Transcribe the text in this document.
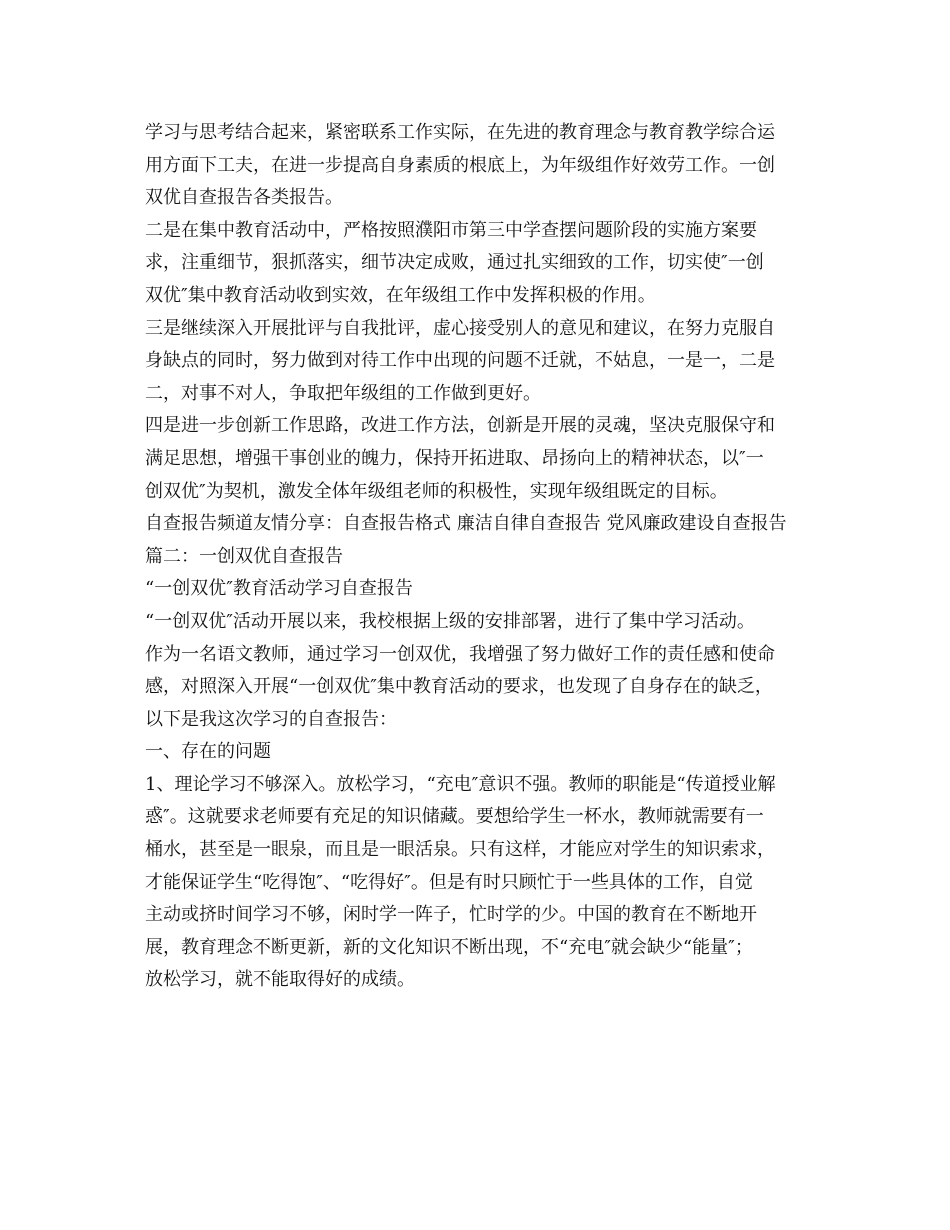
学习与思考结合起来，紧密联系工作实际，在先进的教育理念与教育教学综合运
用方面下工夫，在进一步提高自身素质的根底上，为年级组作好效劳工作。一创
双优自查报告各类报告。
二是在集中教育活动中，严格按照濮阳市第三中学查摆问题阶段的实施方案要
求，注重细节，狠抓落实，细节决定成败，通过扎实细致的工作，切实使″一创
双优″集中教育活动收到实效，在年级组工作中发挥积极的作用。
三是继续深入开展批评与自我批评，虚心接受别人的意见和建议，在努力克服自
身缺点的同时，努力做到对待工作中出现的问题不迁就，不姑息，一是一，二是
二，对事不对人，争取把年级组的工作做到更好。
四是进一步创新工作思路，改进工作方法，创新是开展的灵魂，坚决克服保守和
满足思想，增强干事创业的魄力，保持开拓进取、昂扬向上的精神状态，以″一
创双优″为契机，激发全体年级组老师的积极性，实现年级组既定的目标。
自查报告频道友情分享：自查报告格式 廉洁自律自查报告 党风廉政建设自查报告
篇二：一创双优自查报告
“一创双优″教育活动学习自查报告
“一创双优″活动开展以来，我校根据上级的安排部署，进行了集中学习活动。
作为一名语文教师，通过学习一创双优，我增强了努力做好工作的责任感和使命
感，对照深入开展“一创双优″集中教育活动的要求，也发现了自身存在的缺乏，
以下是我这次学习的自查报告：
一、存在的问题
1、理论学习不够深入。放松学习，“充电″意识不强。教师的职能是“传道授业解
惑″。这就要求老师要有充足的知识储藏。要想给学生一杯水，教师就需要有一
桶水，甚至是一眼泉，而且是一眼活泉。只有这样，才能应对学生的知识索求，
才能保证学生“吃得饱″、“吃得好″。但是有时只顾忙于一些具体的工作，自觉
主动或挤时间学习不够，闲时学一阵子，忙时学的少。中国的教育在不断地开
展，教育理念不断更新，新的文化知识不断出现，不“充电″就会缺少“能量″；
放松学习，就不能取得好的成绩。
